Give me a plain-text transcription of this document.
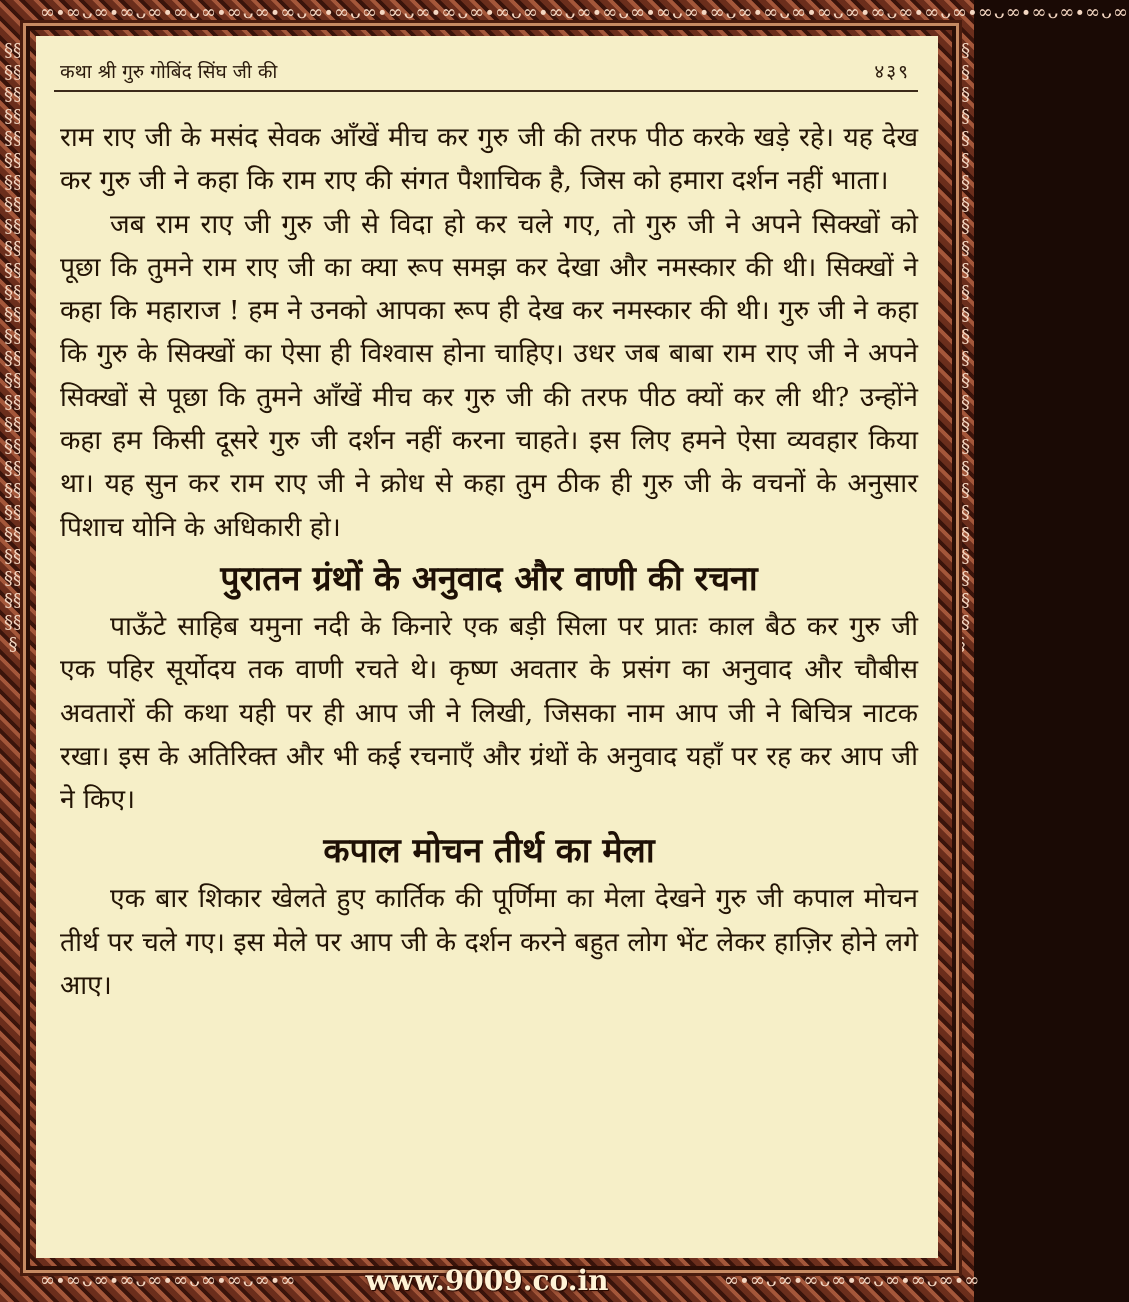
∞∙∞ᴗ∞∙∞ᴗ∞∙∞ᴗ∞∙∞ᴗ∞∙∞ᴗ∞∙∞ᴗ∞∙∞ᴗ∞∙∞ᴗ∞∙∞ᴗ∞∙∞ᴗ∞∙∞ᴗ∞∙∞ᴗ∞∙∞ᴗ∞∙∞ᴗ∞∙∞ᴗ∞∙∞ᴗ∞∙∞ᴗ∞∙∞ᴗ∞∙∞ᴗ∞∙∞ᴗ∞
§§§§§§§§§§§§§§§§§§§§§§§§§§§§§§§§§§§§§§§§§§§§§§§§§§§§§§§
§§§§§§§§§§§§§§§§§§§§§§§§§§§§§§§§§§§§§§§§§§§§§§§§§§§§§§§
∞∙∞ᴗ∞∙∞ᴗ∞∙∞ᴗ∞∙∞ᴗ∞∙∞	∞∙∞ᴗ∞∙∞ᴗ∞∙∞ᴗ∞∙∞ᴗ∞∙∞
कथा श्री गुरु गोबिंद सिंघ जी की	४३९

राम राए जी के मसंद सेवक आँखें मीच कर गुरु जी की तरफ पीठ करके खड़े रहे। यह देख कर गुरु जी ने कहा कि राम राए की संगत पैशाचिक है, जिस को हमारा दर्शन नहीं भाता।

जब राम राए जी गुरु जी से विदा हो कर चले गए, तो गुरु जी ने अपने सिक्खों को पूछा कि तुमने राम राए जी का क्या रूप समझ कर देखा और नमस्कार की थी। सिक्खों ने कहा कि महाराज ! हम ने उनको आपका रूप ही देख कर नमस्कार की थी। गुरु जी ने कहा कि गुरु के सिक्खों का ऐसा ही विश्वास होना चाहिए। उधर जब बाबा राम राए जी ने अपने सिक्खों से पूछा कि तुमने आँखें मीच कर गुरु जी की तरफ पीठ क्यों कर ली थी? उन्होंने कहा हम किसी दूसरे गुरु जी दर्शन नहीं करना चाहते। इस लिए हमने ऐसा व्यवहार किया था। यह सुन कर राम राए जी ने क्रोध से कहा तुम ठीक ही गुरु जी के वचनों के अनुसार पिशाच योनि के अधिकारी हो।

पुरातन ग्रंथों के अनुवाद और वाणी की रचना

पाऊँटे साहिब यमुना नदी के किनारे एक बड़ी सिला पर प्रातः काल बैठ कर गुरु जी एक पहिर सूर्योदय तक वाणी रचते थे। कृष्ण अवतार के प्रसंग का अनुवाद और चौबीस अवतारों की कथा यही पर ही आप जी ने लिखी, जिसका नाम आप जी ने बिचित्र नाटक रखा। इस के अतिरिक्त और भी कई रचनाएँ और ग्रंथों के अनुवाद यहाँ पर रह कर आप जी ने किए।

कपाल मोचन तीर्थ का मेला

एक बार शिकार खेलते हुए कार्तिक की पूर्णिमा का मेला देखने गुरु जी कपाल मोचन तीर्थ पर चले गए। इस मेले पर आप जी के दर्शन करने बहुत लोग भेंट लेकर हाज़िर होने लगे आए।

www.9009.co.in
